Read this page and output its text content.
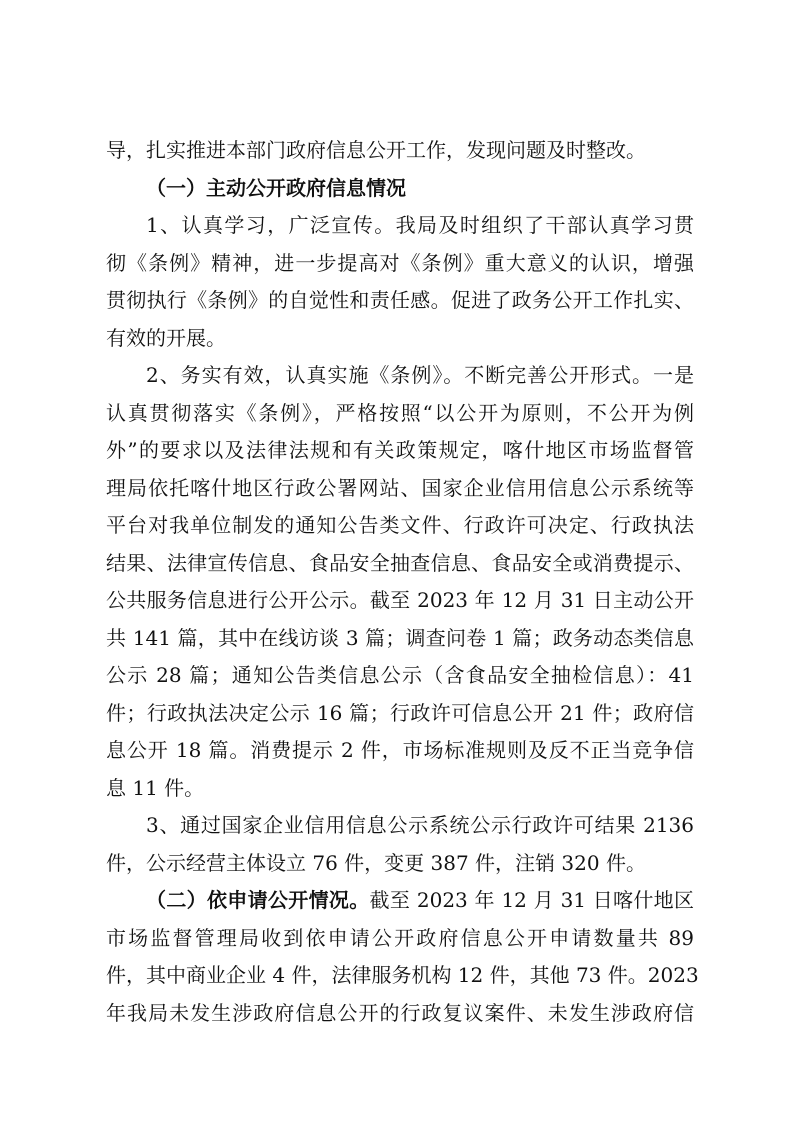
导，扎实推进本部门政府信息公开工作，发现问题及时整改。
（一）主动公开政府信息情况
1、认真学习，广泛宣传。我局及时组织了干部认真学习贯
彻《条例》精神，进一步提高对《条例》重大意义的认识，增强
贯彻执行《条例》的自觉性和责任感。促进了政务公开工作扎实、
有效的开展。
2、务实有效，认真实施《条例》。不断完善公开形式。一是
认真贯彻落实《条例》，严格按照“以公开为原则，不公开为例
外”的要求以及法律法规和有关政策规定，喀什地区市场监督管
理局依托喀什地区行政公署网站、国家企业信用信息公示系统等
平台对我单位制发的通知公告类文件、行政许可决定、行政执法
结果、法律宣传信息、食品安全抽查信息、食品安全或消费提示、
公共服务信息进行公开公示。截至 2023 年 12 月 31 日主动公开
共 141 篇，其中在线访谈 3 篇；调查问卷 1 篇；政务动态类信息
公示 28 篇；通知公告类信息公示（含食品安全抽检信息）：41
件；行政执法决定公示 16 篇；行政许可信息公开 21 件；政府信
息公开 18 篇。消费提示 2 件，市场标准规则及反不正当竞争信
息 11 件。
3、通过国家企业信用信息公示系统公示行政许可结果 2136
件，公示经营主体设立 76 件，变更 387 件，注销 320 件。
（二）依申请公开情况。截至 2023 年 12 月 31 日喀什地区
市场监督管理局收到依申请公开政府信息公开申请数量共 89
件，其中商业企业 4 件，法律服务机构 12 件，其他 73 件。2023
年我局未发生涉政府信息公开的行政复议案件、未发生涉政府信
